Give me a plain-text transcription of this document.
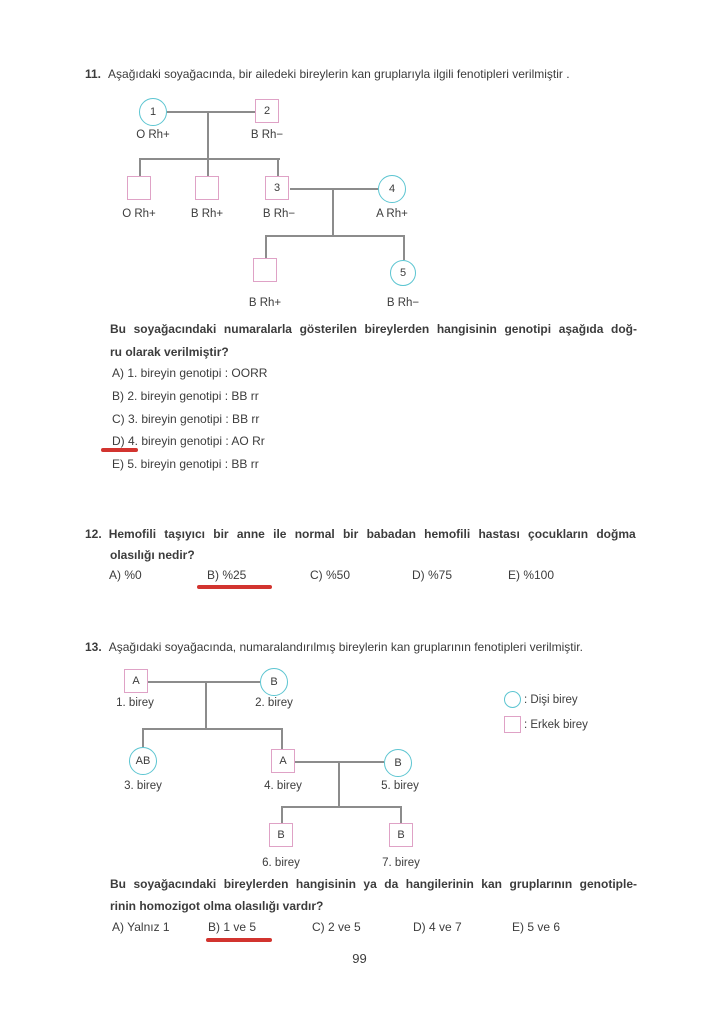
11. Aşağıdaki soyağacında, bir ailedeki bireylerin kan gruplarıyla ilgili fenotipleri verilmiştir .
1	2
O Rh+	B Rh−
3	4
O Rh+	B Rh+	B Rh−	A Rh+
5
B Rh+	B Rh−
Bu soyağacındaki numaralarla gösterilen bireylerden hangisinin genotipi aşağıda doğ-
ru olarak verilmiştir?
A) 1. bireyin genotipi : OORR
B) 2. bireyin genotipi : BB rr
C) 3. bireyin genotipi : BB rr
D) 4. bireyin genotipi : AO Rr
E) 5. bireyin genotipi : BB rr
12. Hemofili taşıyıcı bir anne ile normal bir babadan hemofili hastası çocukların doğma
olasılığı nedir?
A) %0	B) %25	C) %50	D) %75	E) %100
13. Aşağıdaki soyağacında, numaralandırılmış bireylerin kan gruplarının fenotipleri verilmiştir.
A	B
1. birey	2. birey
AB	A	B
3. birey	4. birey	5. birey
B	B
6. birey	7. birey
: Dişi birey
: Erkek birey
Bu soyağacındaki bireylerden hangisinin ya da hangilerinin kan gruplarının genotiple-
rinin homozigot olma olasılığı vardır?
A) Yalnız 1	B) 1 ve 5	C) 2 ve 5	D) 4 ve 7	E) 5 ve 6
99
